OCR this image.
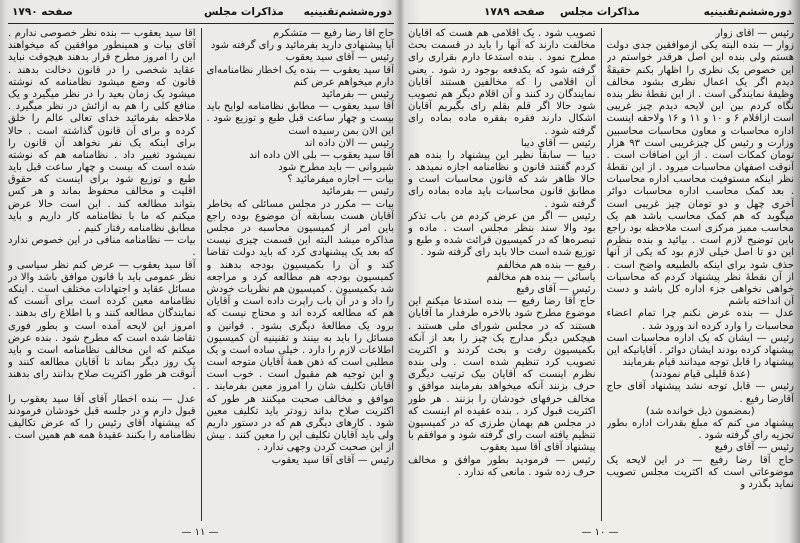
دوره‌ششم‌تقنینیه
مذاکرات مجلس
صفحه ۱۷۹۰

حاج آقا رضا رفیع — متشکرم

آیا پیشنهادی دارید بفرمائید و رای گرفته شود

رئیس — آقای سید یعقوب

آقا سید یعقوب — بنده یک اخطار نظامنامه‌ای دارم میخواهم عرض کنم

رئیس — بفرمائید

آقا سید یعقوب — مطابق نظامنامه لوایح باید بیست و چهار ساعت قبل طبع و توزیع شود . این الان بمن رسیده است

رئیس — الان داده اند

آقا سید یعقوب — بلی الان داده اند

شیروانی — باید مطرح شود

بیات — اجازه میفرمائید ؟

رئیس — بفرمائید

بیات — مکرر در مجلس مسائلی که بخاطر آقایان هست بسابقه آن موضوع بوده راجع باین امر از کمیسیون محاسبه در مجلس مذاکره میشد البته این قسمت چیزی نیست که بعد یک پیشنهادی کرد که باید دولت تقاضا کند و آن را بکمیسیون بودجه بدهند و کمیسیون بودجه هم مطالعه کرد و مراجعه شد بکمیسیون . کمیسیون هم نظریات خودش را داد و در آن باب راپرت داده است و آقایان هم که مطالعه کرده اند و محتاج نیست که برود یک مطالعهٔ دیگری بشود . قوانین و مسائل را باید به بینند و تقنینیه آن کمیسیون اطلاعات لازم را دارد . خیلی ساده است و یک مطلبی است که ذهن همهٔ آقایان متوجه است و این توجیه هم مقبول است . خوب است آقایان تکلیف شان را امروز معین بفرمایند . موافق و مخالف صحبت میکنند هر طور که اکثریت صلاح بداند زودتر باید تکلیف معین شود . کارهای دیگری هم که در دستور داریم ولی باید آقایان تکلیف این را معین کنند . بیش از این صحبت کردن وجهی ندارد .

رئیس — آقای آقا سید یعقوب

آقا سید یعقوب — بنده نظر خصوصی ندارم . آقای بیات و همینطور موافقین که میخواهند این را امروز مطرح قرار بدهند هیچوقت نباید عقاید شخصی را در قانون دخالت بدهند . قانون که وضع میشود نظامنامه که نوشته میشود یک زمان بعید را در نظر میگیرد و یک منافع کلی را هم به ازائش در نظر میگیرد . ملاحظه بفرمائید خدای تعالی عالم را خلق کرده و برای آن قانون گذاشته است . حالا برای اینکه یک نفر نخواهد آن قانون را نمیشود تغییر داد . نظامنامه هم که نوشته شده است که بیست و چهار ساعت قبل باید طبع و توزیع شود برای اینست که حقوق اقلیت و مخالف محفوظ بماند و هر کس بتواند مطالعه کند . این است حالا عرض میکنم که ما با نظامنامه کار داریم و باید مطابق نظامنامه رفتار کنیم .

بیات — نظامنامه منافی در این خصوص ندارد .

آقا سید یعقوب — عرض کنم نظر سیاسی و نظر عمومی باید با قانون موافق باشد والا در مسائل عقاید و اجتهادات مختلف است . اینکه نظامنامه معین کرده است برای آنست که نمایندگان مطالعه کنند و با اطلاع رای بدهند . امروز این لایحه آمده است و بطور فوری تقاضا شده است که مطرح شود . بنده عرض میکنم که این مخالف نظامنامه است و باید یک روز دیگر بماند تا آقایان مطالعه کنند و آنوقت هر طور اکثریت صلاح بدانند رای بدهند .

عدل — بنده اخطار آقای آقا سید یعقوب را قبول دارم و در جلسه قبل خودشان فرمودند که پیشنهاد آقای رئیس را که عرض تکالیف نظامنامه را بکنند عقیدهٔ همه هم همین است .

— ۱۱ —
دوره‌ششم‌تقنینیه
مذاکرات مجلس
صفحه ۱۷۸۹

رئیس — آقای زوار

زوار — بنده البته یکی ازموافقین جدی دولت هستم ولی بنده این اصل هرقدر خواستم در این خصوص یک نظری را اظهار بکنم حقیقةً دیدم اگر یک اعمال نظری بشود مخالف وظیفهٔ نمایندگی است . از این نقطهٔ نظر بنده نگاه کردم بین این لایحه دیدم چیز غریبی است ازاقلام ۶ و ۱۰ و ۱۱ و ۱۶ ولاحقه اینست اداره محاسبات و معاون محاسبات محاسبین وزارت و رئیس کل چیزغریبی است ۹۳ هزار تومان کمکات است . از این اضافات است . آنوقت اصفهان محاسبات میرود . از این نقطهٔ نظر اینکه مستوفیت محاسب اداره محاسبات . بعد کمک محاسب اداره محاسبات دوائر آخری چهل و دو تومان چیز غریبی است میگوید که هم کمک محاسب باشد هم یک محاسب ممیز مرکزی است ملاحظه بود راجع باین توضیح لازم است . بیائید و بنده بنظرم این دو تا اصل خیلی لازم بود که یکی از آنها حذف شود برای اینکه بالطبیعه واضح است . از آن نقطهٔ نظر پیشنهاد کردم که محاسبات خواهی نخواهی جزء اداره کل باشد و دست آن انداخته باشم

عدل — بنده عرض نکنم چرا تمام اعضاء محاسبات را وارد کرده اند ورود شد .

رئیس — ایشان که یک اداره محاسبات است پیشنهاد کرده بودند ایشان دوائر . آقایانیکه این پیشنهاد را قابل توجه میدانند قیام بفرمایند

(عدهٔ قلیلی قیام نمودند)

رئیس — قابل توجه نشد پیشنهاد آقای حاج آقارضا رفیع .

(بمضمون ذیل خوانده شد)

پیشنهاد می کنم که مبلغ بقدرات اداره بطور تجزیه رای گرفته شود .

رئیس — آقای رفیع

حاج آقا رضا رفیع — در این لایحه یک موضوعاتی است که اکثریت مجلس تصویب نماید بگذرد و

تصویب شود . یک اقلامی هم هست که آقایان مخالفت دارند که آنها را باید در قسمت بحث مطرح نمود . بنده استدعا دارم بقراری رای گرفته شود که یکدفعه بوجود رد شود . یعنی آن اقلامی را که مخالفین هستند آقایان نمایندگان رد کنند و آن اقلام دیگر هم تصویب شود حالا اگر قلم بقلم رای بگیریم آقایان اشکال دارند فقره بفقره ماده بماده رای گرفته شود .

رئیس — آقای دیبا

دیبا — سابقاً نظیر این پیشنهاد را بنده هم کردم گفتند قانون و نظامنامه اجازه نمیدهد . حالا ظاهر شد که قانون محاسبات است و مطابق قانون محاسبات باید ماده بماده رای گرفته شود .

رئیس — اگر من عرض کردم من باب تذکر بود والا سند بنظر مجلس است . ماده و تبصره‌ها که در کمیسیون قرائت شده و طبع و توزیع شده است حالا باید رای گرفته شود .

رفیع — بنده هم مخالفم

یاسائی — بنده هم مخالفم

رئیس — آقای رفیع

حاج آقا رضا رفیع — بنده استدعا میکنم این موضوع مطرح شود بالاخره طرفدار ما آقایان هستند که در مجلس شورای ملی هستند . هیچکس دیگر مدارج یک چیز را بعد از آنکه بکمیسیون رفت و بحث کردند و اکثریت تصویب کرد تنظیم شده است . ولی بنده نظرم اینست که آقایان بیک ترتیب دیگری حرف بزنند آنکه میخواهد بفرمایند موافق و مخالف حرفهای خودشان را بزنند . هر طور اکثریت قبول کرد . بنده عقیده ام اینست که در مجلس هم بهمان طرزی که در کمیسیون تنظیم یافته است رای گرفته شود و موافقم با پیشنهاد آقای آقا سید یعقوب

رئیس — فرمودید بطور موافق و مخالف حرف زده شود . مانعی که ندارد .

— ۱۰ —
